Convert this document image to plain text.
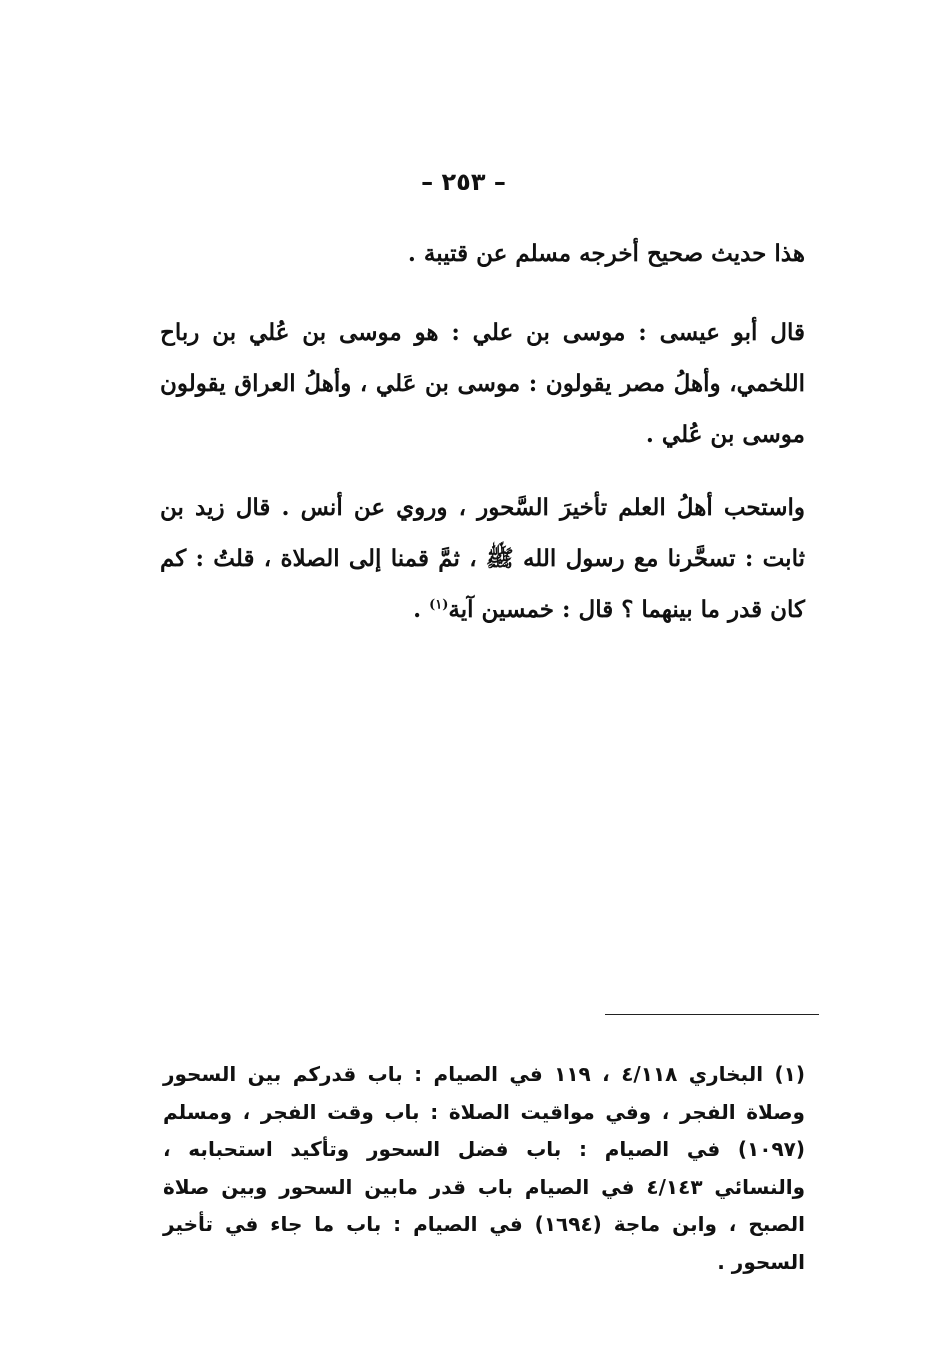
– ٢٥٣ –

هذا حديث صحيح أخرجه مسلم عن قتيبة .

قال أبو عيسى : موسى بن علي : هو موسى بن عُلي بن رباح اللخمي، وأهلُ مصر يقولون : موسى بن عَلي ، وأهلُ العراق يقولون موسى بن عُلي .

واستحب أهلُ العلم تأخيرَ السَّحور ، وروي عن أنس . قال زيد بن ثابت : تسحَّرنا مع رسول الله ﷺ ، ثمَّ قمنا إلى الصلاة ، قلتُ : كم كان قدر ما بينهما ؟ قال : خمسين آية$^{(١)}$ .

(١) البخاري ٤/١١٨ ، ١١٩ في الصيام : باب قدركم بين السحور وصلاة الفجر ، وفي مواقيت الصلاة : باب وقت الفجر ، ومسلم (١٠٩٧) في الصيام : باب فضل السحور وتأكيد استحبابه ، والنسائي ٤/١٤٣ في الصيام باب قدر مابين السحور وبين صلاة الصبح ، وابن ماجة (١٦٩٤) في الصيام : باب ما جاء في تأخير السحور .
